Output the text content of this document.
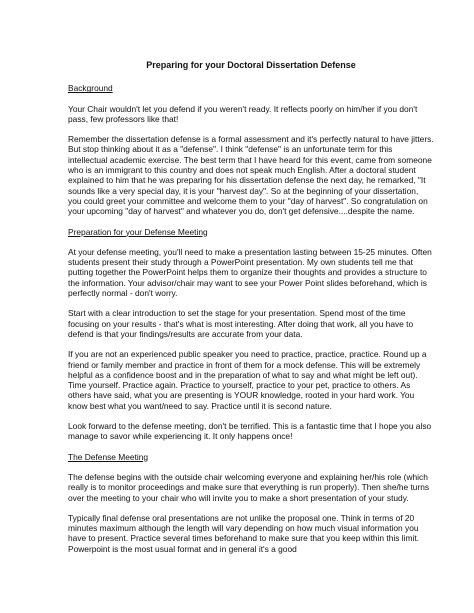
Preparing for your Doctoral Dissertation Defense
Background
Your Chair wouldn't let you defend if you weren't ready. It reflects poorly on him/her if you don't pass, few professors like that!
Remember the dissertation defense is a formal assessment and it's perfectly natural to have jitters. But stop thinking about it as a "defense". I think "defense" is an unfortunate term for this intellectual academic exercise. The best term that I have heard for this event, came from someone who is an immigrant to this country and does not speak much English. After a doctoral student explained to him that he was preparing for his dissertation defense the next day, he remarked, "It sounds like a very special day, it is your "harvest day". So at the beginning of your dissertation, you could greet your committee and welcome them to your "day of harvest". So congratulation on your upcoming "day of harvest" and whatever you do, don't get defensive....despite the name.
Preparation for your Defense Meeting
At your defense meeting, you'll need to make a presentation lasting between 15-25 minutes. Often students present their study through a PowerPoint presentation. My own students tell me that putting together the PowerPoint helps them to organize their thoughts and provides a structure to the information. Your advisor/chair may want to see your Power Point slides beforehand, which is perfectly normal - don't worry.
Start with a clear introduction to set the stage for your presentation. Spend most of the time focusing on your results - that's what is most interesting. After doing that work, all you have to defend is that your findings/results are accurate from your data.
If you are not an experienced public speaker you need to practice, practice, practice. Round up a friend or family member and practice in front of them for a mock defense. This will be extremely helpful as a confidence boost and in the preparation of what to say and what might be left out). Time yourself. Practice again. Practice to yourself, practice to your pet, practice to others. As others have said, what you are presenting is YOUR knowledge, rooted in your hard work. You know best what you want/need to say. Practice until it is second nature.
Look forward to the defense meeting, don't be terrified. This is a fantastic time that I hope you also manage to savor while experiencing it. It only happens once!
The Defense Meeting
The defense begins with the outside chair welcoming everyone and explaining her/his role (which really is to monitor proceedings and make sure that everything is run properly). Then she/he turns over the meeting to your chair who will invite you to make a short presentation of your study.
Typically final defense oral presentations are not unlike the proposal one. Think in terms of 20 minutes maximum although the length will vary depending on how much visual information you have to present. Practice several times beforehand to make sure that you keep within this limit. Powerpoint is the most usual format and in general it's a good
